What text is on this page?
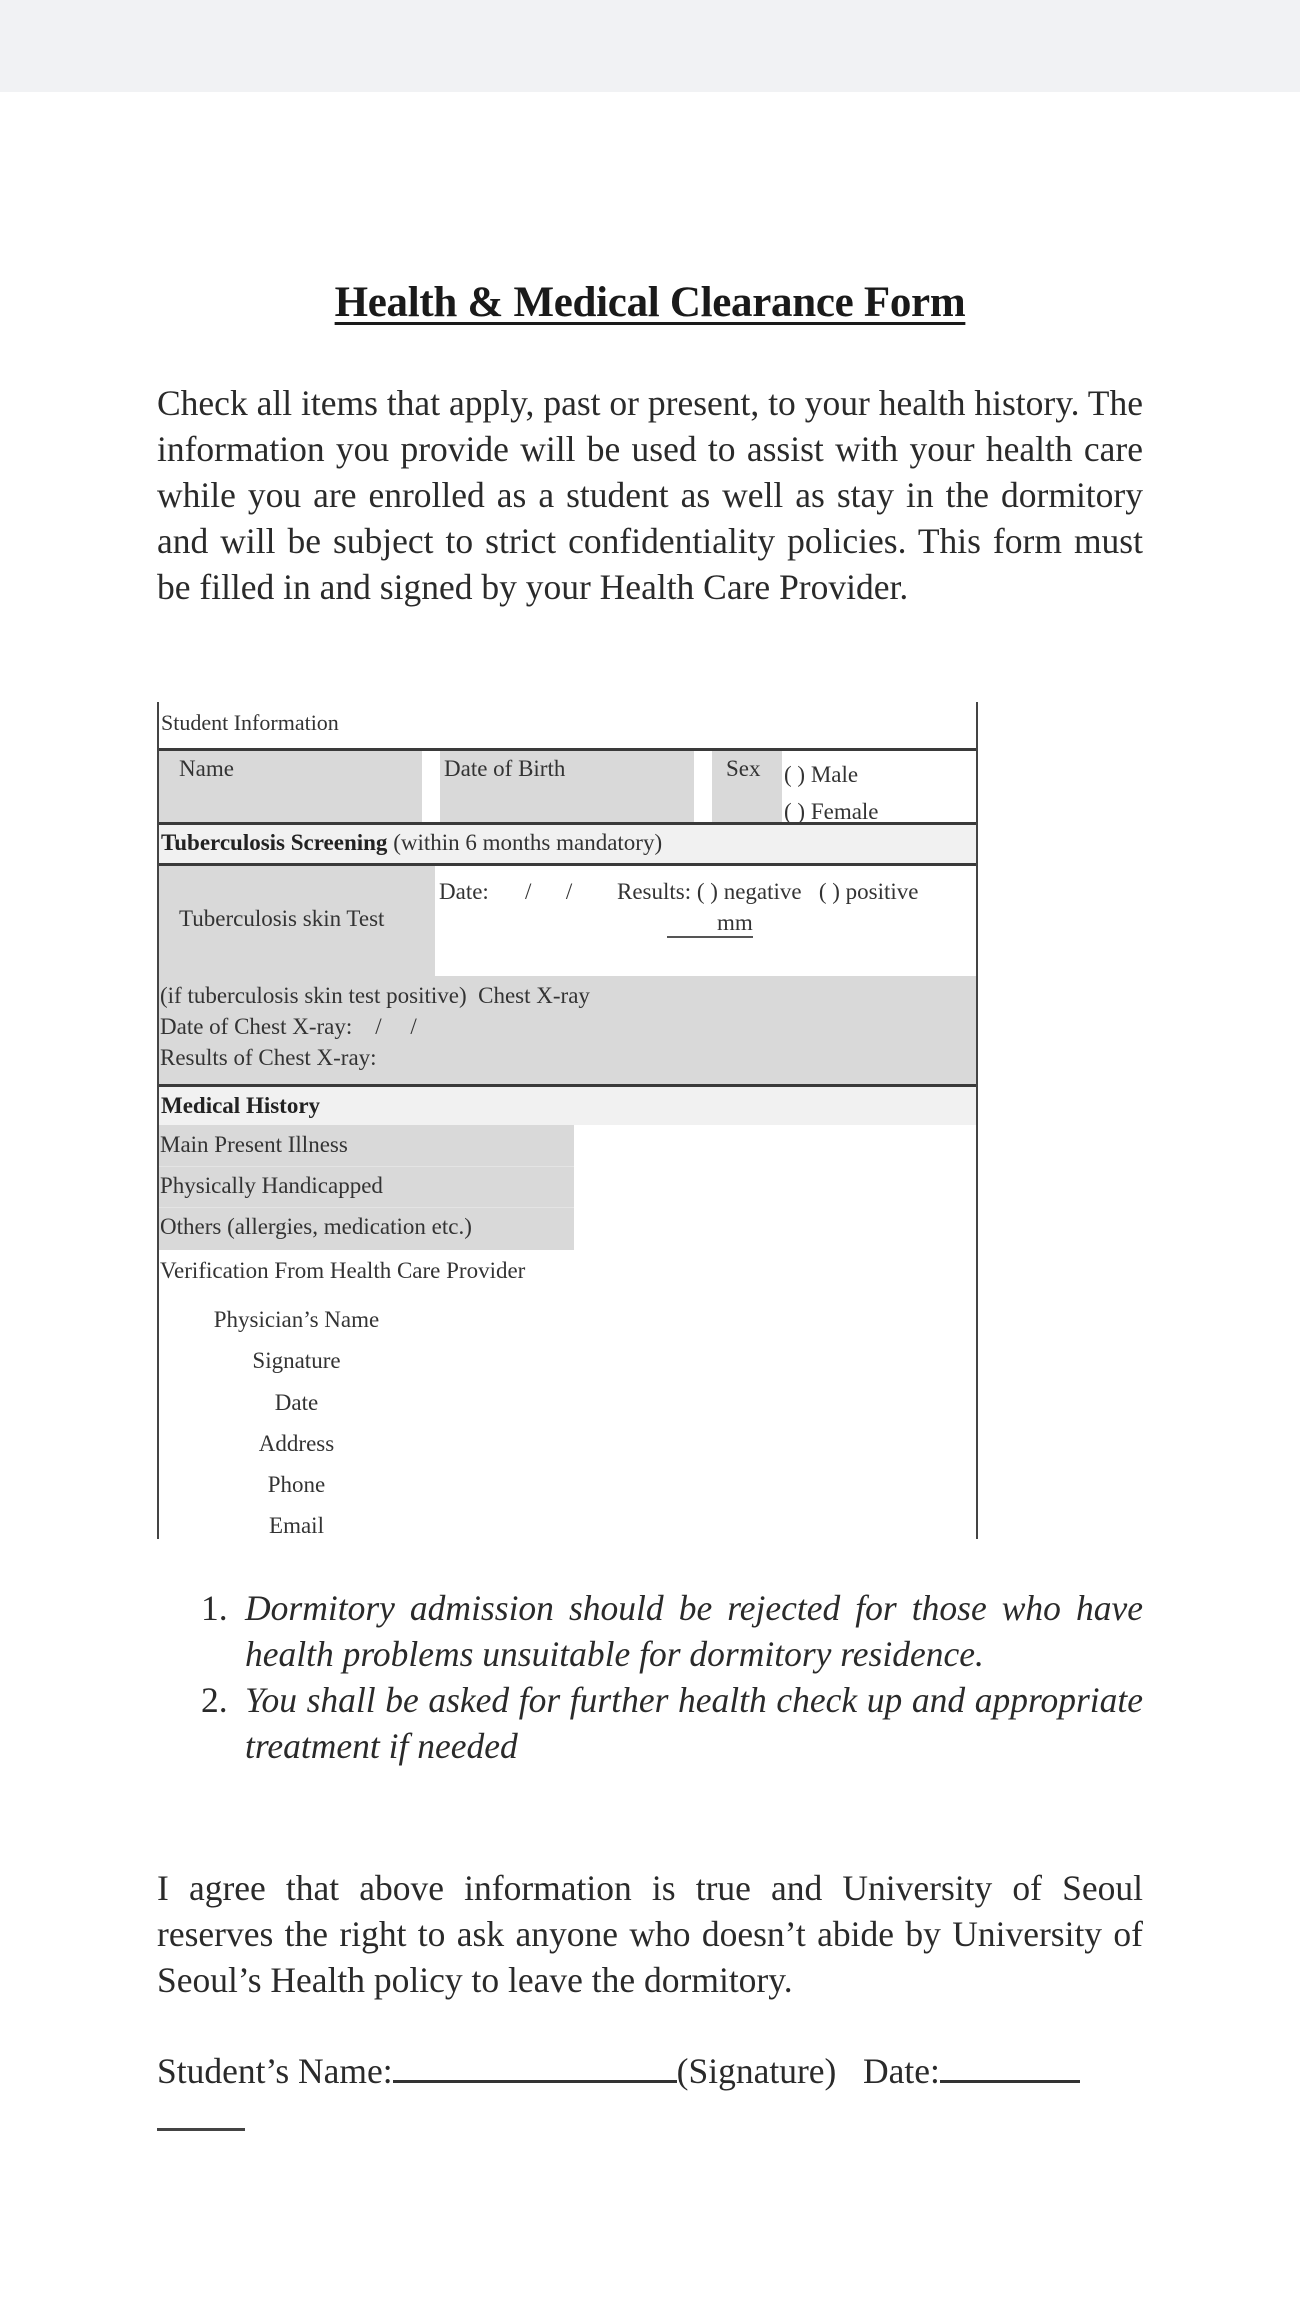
Health & Medical Clearance Form

Check all items that apply, past or present, to your health history. The information you provide will be used to assist with your health care while you are enrolled as a student as well as stay in the dormitory and will be subject to strict confidentiality policies. This form must be filled in and signed by your Health Care Provider.

Student Information
Name	Date of Birth	Sex ( ) Male
( ) Female
Tuberculosis Screening (within 6 months mandatory)
Tuberculosis skin Test
Date: /      / Results: ( ) negative   ( ) positive
mm
(if tuberculosis skin test positive)  Chest X-ray
Date of Chest X-ray:    /     /
Results of Chest X-ray:
Medical History
Main Present Illness
Physically Handicapped
Others (allergies, medication etc.)
Verification From Health Care Provider
Physician’s Name
Signature
Date
Address
Phone
Email
1. Dormitory admission should be rejected for those who have health problems unsuitable for dormitory residence.
2. You shall be asked for further health check up and appropriate treatment if needed

I agree that above information is true and University of Seoul reserves the right to ask anyone who doesn’t abide by University of Seoul’s Health policy to leave the dormitory.

Student’s Name:	(Signature) Date:
